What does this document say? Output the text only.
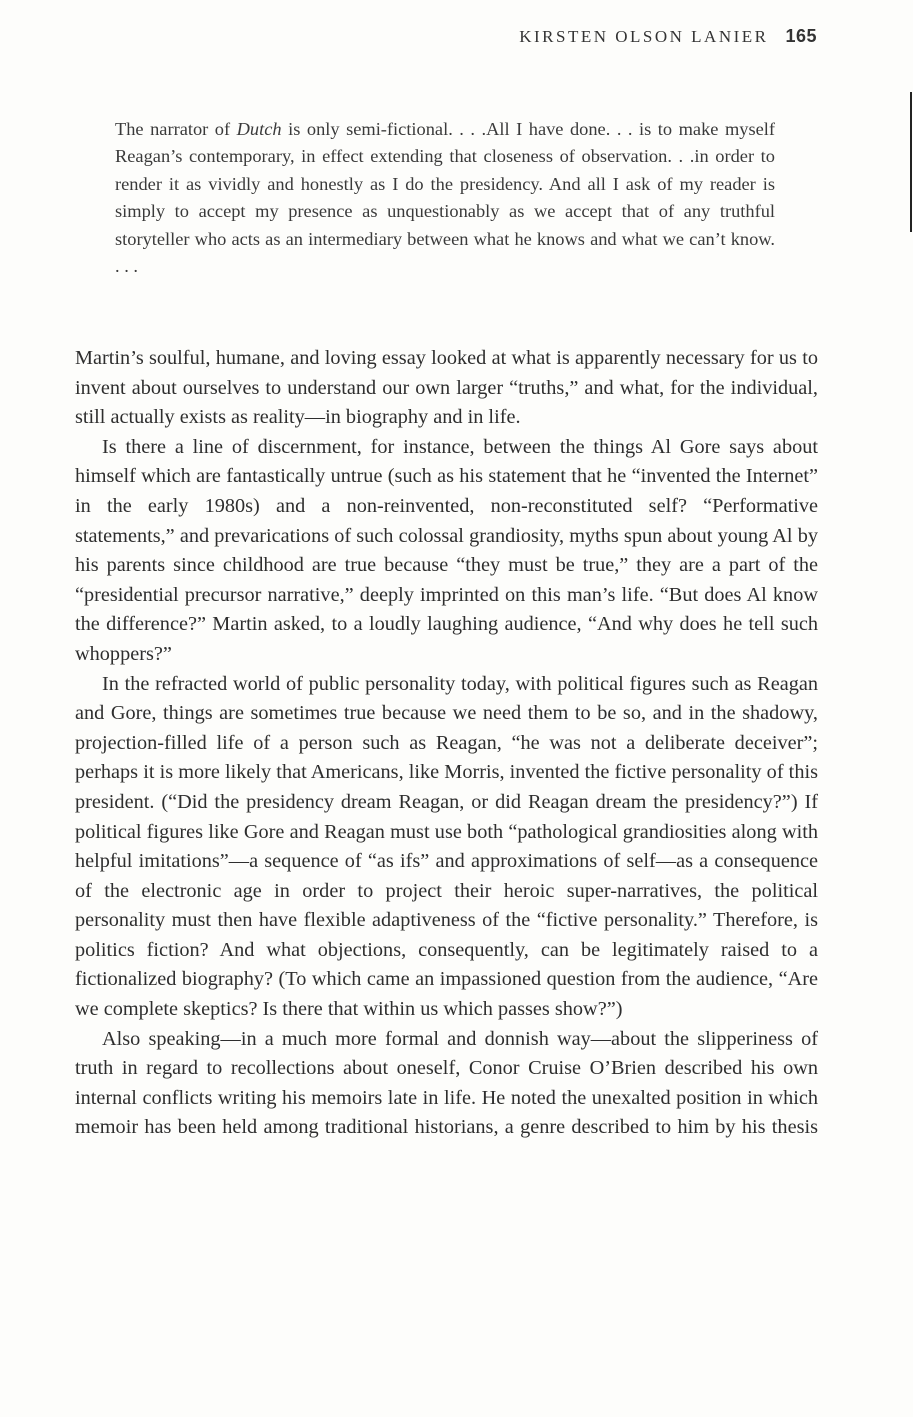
KIRSTEN OLSON LANIER 165

The narrator of Dutch is only semi-fictional. . . .All I have done. . . is to make myself Reagan’s contemporary, in effect extending that closeness of observation. . .in order to render it as vividly and honestly as I do the presidency. And all I ask of my reader is simply to accept my presence as unquestionably as we accept that of any truthful storyteller who acts as an intermediary between what he knows and what we can’t know. . . .

Martin’s soulful, humane, and loving essay looked at what is apparently necessary for us to invent about ourselves to understand our own larger “truths,” and what, for the individual, still actually exists as reality—in biography and in life.

Is there a line of discernment, for instance, between the things Al Gore says about himself which are fantastically untrue (such as his statement that he “invented the Internet” in the early 1980s) and a non-reinvented, non-reconstituted self? “Performative statements,” and prevarications of such colossal grandiosity, myths spun about young Al by his parents since childhood are true because “they must be true,” they are a part of the “presidential precursor narrative,” deeply imprinted on this man’s life. “But does Al know the difference?” Martin asked, to a loudly laughing audience, “And why does he tell such whoppers?”

In the refracted world of public personality today, with political figures such as Reagan and Gore, things are sometimes true because we need them to be so, and in the shadowy, projection-filled life of a person such as Reagan, “he was not a deliberate deceiver”; perhaps it is more likely that Americans, like Morris, invented the fictive personality of this president. (“Did the presidency dream Reagan, or did Reagan dream the presidency?”) If political figures like Gore and Reagan must use both “pathological grandiosities along with helpful imitations”—a sequence of “as ifs” and approximations of self—as a consequence of the electronic age in order to project their heroic super-narratives, the political personality must then have flexible adaptiveness of the “fictive personality.” Therefore, is politics fiction? And what objections, consequently, can be legitimately raised to a fictionalized biography? (To which came an impassioned question from the audience, “Are we complete skeptics? Is there that within us which passes show?”)

Also speaking—in a much more formal and donnish way—about the slipperiness of truth in regard to recollections about oneself, Conor Cruise O’Brien described his own internal conflicts writing his memoirs late in life. He noted the unexalted position in which memoir has been held among traditional historians, a genre described to him by his thesis
